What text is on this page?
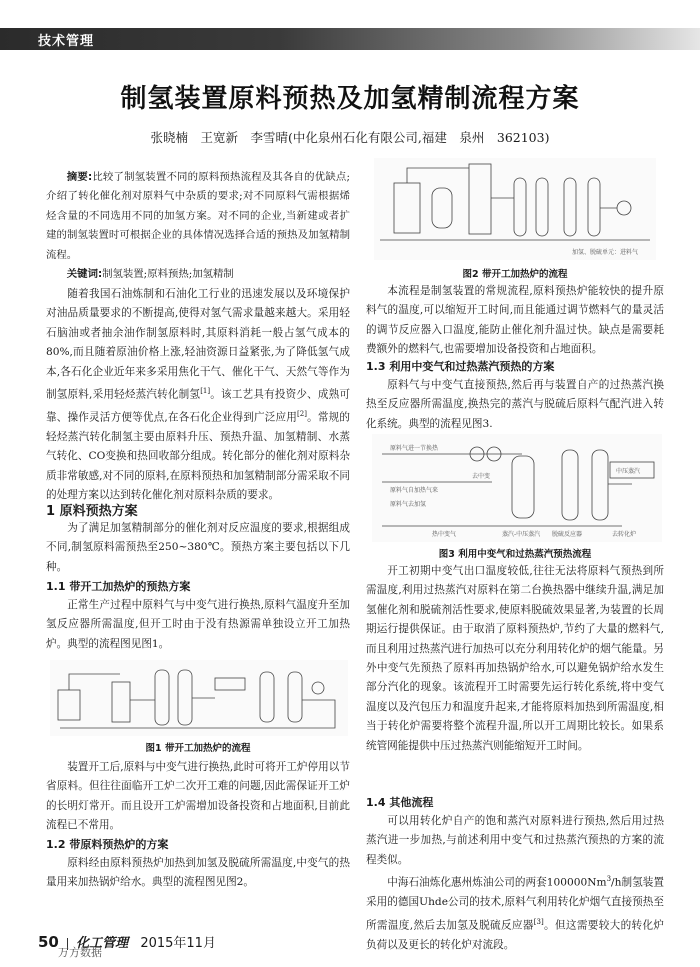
技术管理
制氢装置原料预热及加氢精制流程方案
张晓楠　王宽新　李雪晴(中化泉州石化有限公司,福建　泉州　362103)

摘要:比较了制氢装置不同的原料预热流程及其各自的优缺点;介绍了转化催化剂对原料气中杂质的要求;对不同原料气需根据烯烃含量的不同选用不同的加氢方案。对不同的企业,当新建或者扩建的制氢装置时可根据企业的具体情况选择合适的预热及加氢精制流程。

关键词:制氢装置;原料预热;加氢精制

随着我国石油炼制和石油化工行业的迅速发展以及环境保护对油品质量要求的不断提高,使得对氢气需求量越来越大。采用轻石脑油或者抽余油作制氢原料时,其原料消耗一般占氢气成本的80%,而且随着原油价格上涨,轻油资源日益紧张,为了降低氢气成本,各石化企业近年来多采用焦化干气、催化干气、天然气等作为制氢原料,采用轻烃蒸汽转化制氢[1]。该工艺具有投资少、成熟可靠、操作灵活方便等优点,在各石化企业得到广泛应用[2]。常规的轻烃蒸汽转化制氢主要由原料升压、预热升温、加氢精制、水蒸气转化、CO变换和热回收部分组成。转化部分的催化剂对原料杂质非常敏感,对不同的原料,在原料预热和加氢精制部分需采取不同的处理方案以达到转化催化剂对原料杂质的要求。

1 原料预热方案

为了满足加氢精制部分的催化剂对反应温度的要求,根据组成不同,制氢原料需预热至250~380℃。预热方案主要包括以下几种。

1.1 带开工加热炉的预热方案

正常生产过程中原料气与中变气进行换热,原料气温度升至加氢反应器所需温度,但开工时由于没有热源需单独设立开工加热炉。典型的流程图见图1。

图1 带开工加热炉的流程

装置开工后,原料与中变气进行换热,此时可将开工炉停用以节省原料。但往往面临开工炉二次开工难的问题,因此需保证开工炉的长明灯常开。而且设开工炉需增加设备投资和占地面积,目前此流程已不常用。

1.2 带原料预热炉的方案

原料经由原料预热炉加热到加氢及脱硫所需温度,中变气的热量用来加热锅炉给水。典型的流程图见图2。

加氢、脱硫单元：进料气
图2 带开工加热炉的流程

本流程是制氢装置的常规流程,原料预热炉能较快的提升原料气的温度,可以缩短开工时间,而且能通过调节燃料气的量灵活的调节反应器入口温度,能防止催化剂升温过快。缺点是需要耗费额外的燃料气,也需要增加设备投资和占地面积。

1.3 利用中变气和过热蒸汽预热的方案

原料气与中变气直接预热,然后再与装置自产的过热蒸汽换热至反应器所需温度,换热完的蒸汽与脱硫后原料气配汽进入转化系统。典型的流程见图3.

原料气进一节换热
原料气自加热气来
原料气去加氢
去中变
脱硫反应器	去转化炉
中压蒸汽
热中变气	蒸汽-中压蒸汽
图3 利用中变气和过热蒸汽预热流程

开工初期中变气出口温度较低,往往无法将原料气预热到所需温度,利用过热蒸汽对原料在第二台换热器中继续升温,满足加氢催化剂和脱硫剂活性要求,使原料脱硫效果显著,为装置的长周期运行提供保证。由于取消了原料预热炉,节约了大量的燃料气,而且利用过热蒸汽进行加热可以充分利用转化炉的烟气能量。另外中变气先预热了原料再加热锅炉给水,可以避免锅炉给水发生部分汽化的现象。该流程开工时需要先运行转化系统,将中变气温度以及汽包压力和温度升起来,才能将原料加热到所需温度,相当于转化炉需要将整个流程升温,所以开工周期比较长。如果系统管网能提供中压过热蒸汽则能缩短开工时间。

1.4 其他流程

可以用转化炉自产的饱和蒸汽对原料进行预热,然后用过热蒸汽进一步加热,与前述利用中变气和过热蒸汽预热的方案的流程类似。

中海石油炼化惠州炼油公司的两套100000Nm$^3$/h制氢装置采用的德国Uhde公司的技术,原料气利用转化炉烟气直接预热至所需温度,然后去加氢及脱硫反应器[3]。但这需要较大的转化炉负荷以及更长的转化炉对流段。

50 化工管理 2015年11月
万方数据
